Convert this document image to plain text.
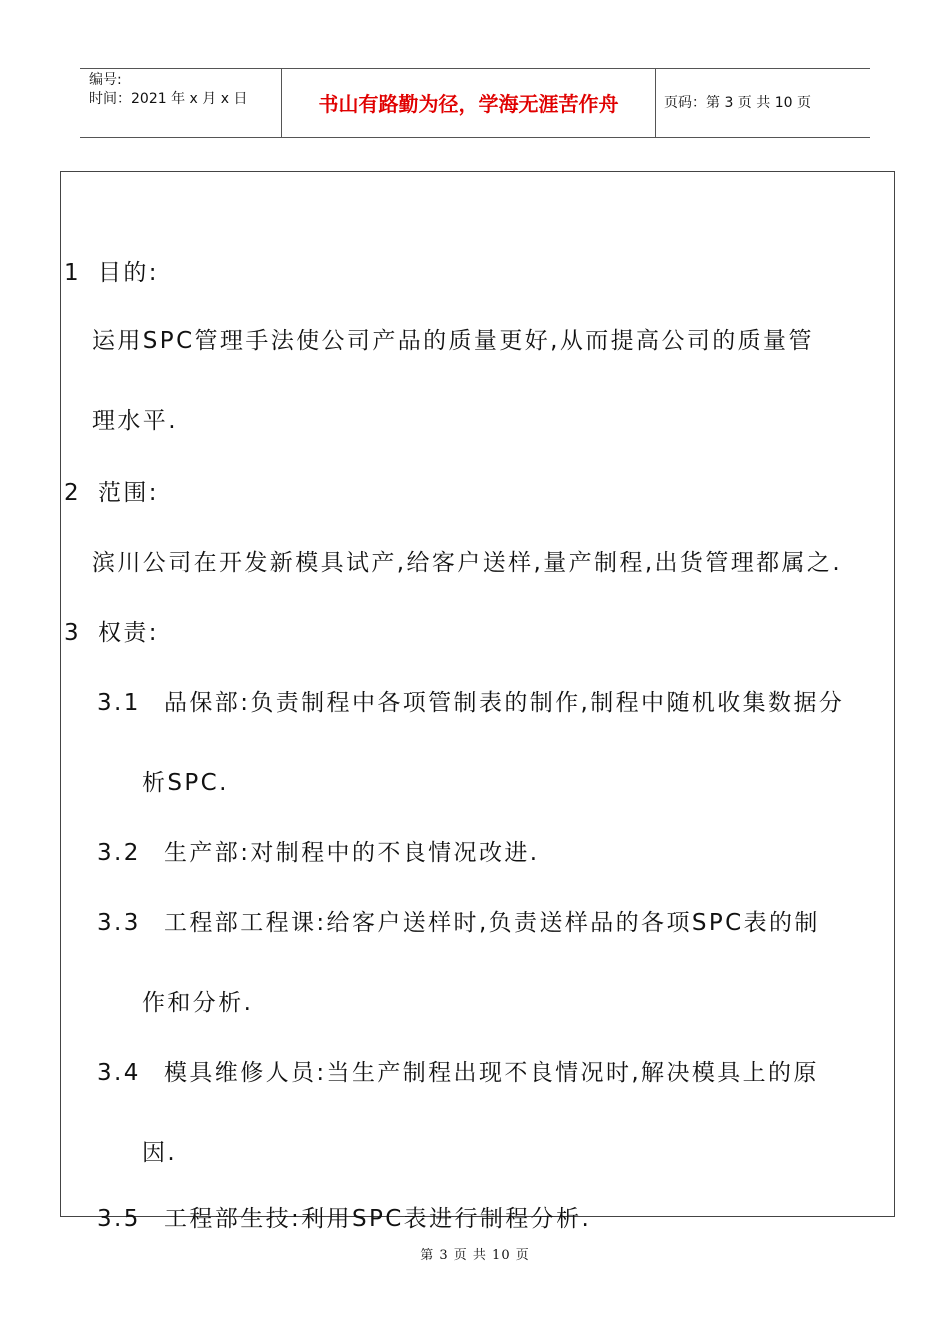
编号:
时间：2021 年 x 月 x 日	书山有路勤为径，学海无涯苦作舟	页码：第 3 页 共 10 页
1 目的:
运用SPC管理手法使公司产品的质量更好,从而提高公司的质量管
理水平.
2 范围:
滨川公司在开发新模具试产,给客户送样,量产制程,出货管理都属之.
3 权责:
3.1 品保部:负责制程中各项管制表的制作,制程中随机收集数据分
析SPC.
3.2 生产部:对制程中的不良情况改进.
3.3 工程部工程课:给客户送样时,负责送样品的各项SPC表的制
作和分析.
3.4 模具维修人员:当生产制程出现不良情况时,解决模具上的原
因.
3.5 工程部生技:利用SPC表进行制程分析.
第 3 页 共 10 页
